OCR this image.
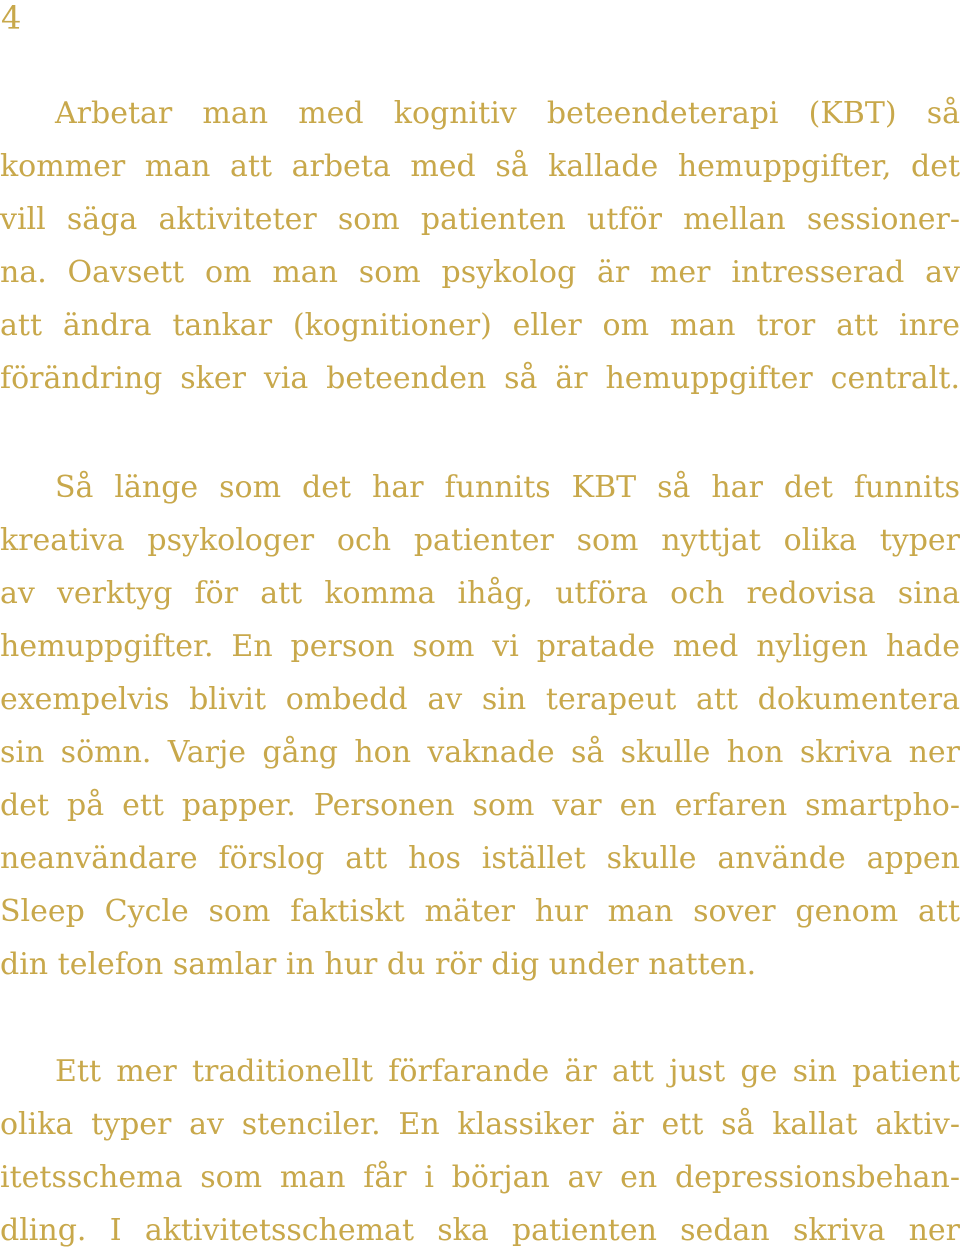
4
Arbetar man med kognitiv beteendeterapi (KBT) så
kommer man att arbeta med så kallade hemuppgifter, det
vill säga aktiviteter som patienten utför mellan sessioner-
na. Oavsett om man som psykolog är mer intresserad av
att ändra tankar (kognitioner) eller om man tror att inre
förändring sker via beteenden så är hemuppgifter centralt.
Så länge som det har funnits KBT så har det funnits
kreativa psykologer och patienter som nyttjat olika typer
av verktyg för att komma ihåg, utföra och redovisa sina
hemuppgifter. En person som vi pratade med nyligen hade
exempelvis blivit ombedd av sin terapeut att dokumentera
sin sömn. Varje gång hon vaknade så skulle hon skriva ner
det på ett papper. Personen som var en erfaren smartpho-
neanvändare förslog att hos istället skulle använde appen
Sleep Cycle som faktiskt mäter hur man sover genom att
din telefon samlar in hur du rör dig under natten.
Ett mer traditionellt förfarande är att just ge sin patient
olika typer av stenciler. En klassiker är ett så kallat aktiv-
itetsschema som man får i början av en depressionsbehan-
dling. I aktivitetsschemat ska patienten sedan skriva ner
